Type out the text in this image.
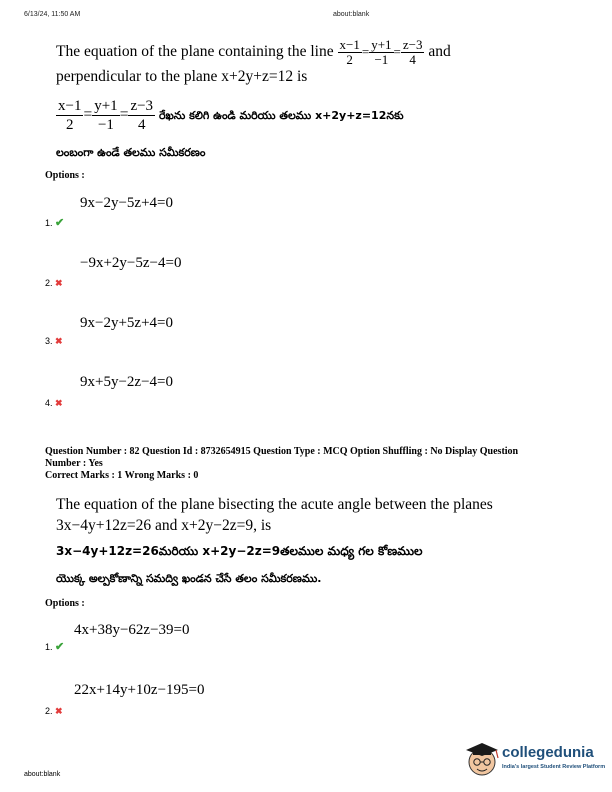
6/13/24, 11:50 AM	about:blank
The equation of the plane containing the line $\frac{x-1}{2} = \frac{y+1}{-1} = \frac{z-3}{4}$ and
perpendicular to the plane x+2y+z=12 is
$\frac{x-1}{2} = \frac{y+1}{-1} = \frac{z-3}{4}$ రేఖను కలిగి ఉండి మరియు తలము x+2y+z=12నకు
లంబంగా ఉండే తలము సమీకరణం
Options :
9x−2y−5z+4=0
1. ✔
−9x+2y−5z−4=0
2. ✖
9x−2y+5z+4=0
3. ✖
9x+5y−2z−4=0
4. ✖
Question Number : 82 Question Id : 8732654915 Question Type : MCQ Option Shuffling : No Display Question
Number : Yes
Correct Marks : 1 Wrong Marks : 0
The equation of the plane bisecting the acute angle between the planes
3x−4y+12z=26 and x+2y−2z=9, is
3x−4y+12z=26మరియు x+2y−2z=9తలముల మధ్య గల కోణముల
యొక్క అల్పకోణాన్ని సమద్వి ఖండన చేసే తలం సమీకరణము.
Options :
4x+38y−62z−39=0
1. ✔
22x+14y+10z−195=0
2. ✖
about:blank
collegedunia
India's largest Student Review Platform
